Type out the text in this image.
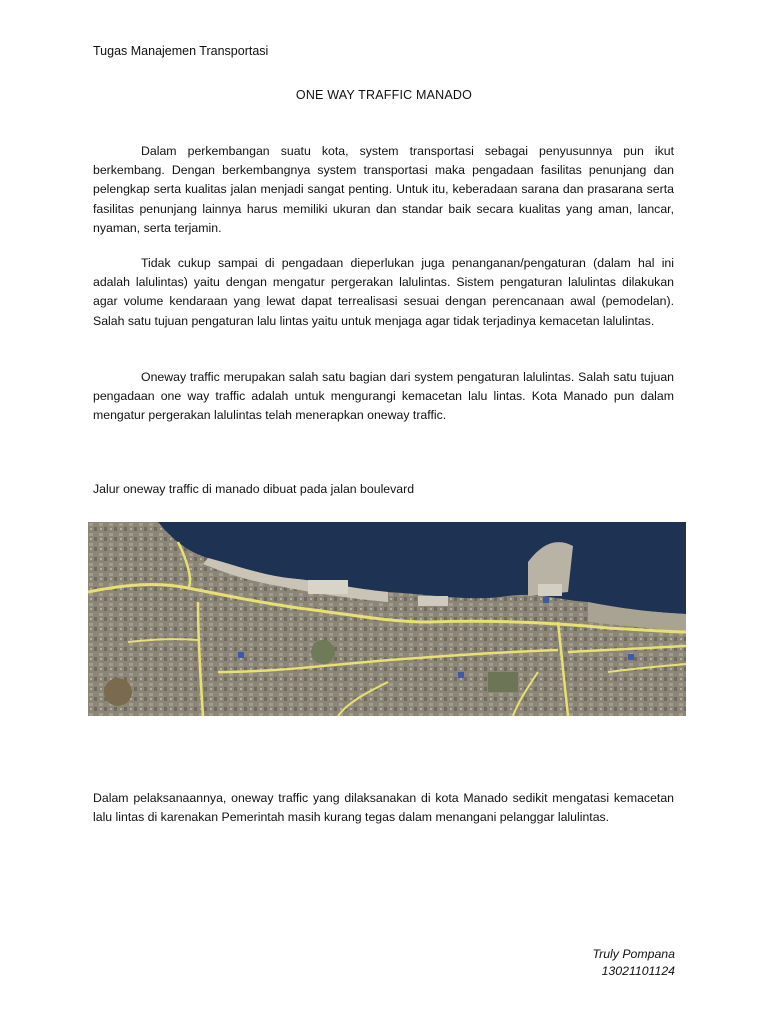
Tugas Manajemen Transportasi

ONE WAY TRAFFIC MANADO

Dalam perkembangan suatu kota, system transportasi sebagai penyusunnya pun ikut berkembang. Dengan berkembangnya system transportasi maka pengadaan fasilitas penunjang dan pelengkap serta kualitas jalan menjadi sangat penting. Untuk itu, keberadaan sarana dan prasarana serta fasilitas penunjang lainnya harus memiliki ukuran dan standar baik secara kualitas yang aman, lancar, nyaman, serta terjamin.

Tidak cukup sampai di pengadaan dieperlukan juga penanganan/pengaturan (dalam hal ini adalah lalulintas) yaitu dengan mengatur pergerakan lalulintas. Sistem pengaturan lalulintas dilakukan agar volume kendaraan yang lewat dapat terrealisasi sesuai dengan perencanaan awal (pemodelan). Salah satu tujuan pengaturan lalu lintas yaitu untuk menjaga agar tidak terjadinya kemacetan lalulintas.

Oneway traffic merupakan salah satu bagian dari system pengaturan lalulintas. Salah satu tujuan pengadaan one way traffic adalah untuk mengurangi kemacetan lalu lintas. Kota Manado pun dalam mengatur pergerakan lalulintas telah menerapkan oneway traffic.

Jalur oneway traffic di manado dibuat pada jalan boulevard

Dalam pelaksanaannya, oneway traffic yang dilaksanakan di kota Manado sedikit mengatasi kemacetan lalu lintas di karenakan Pemerintah masih kurang tegas dalam menangani pelanggar lalulintas.

Truly Pompana
13021101124
